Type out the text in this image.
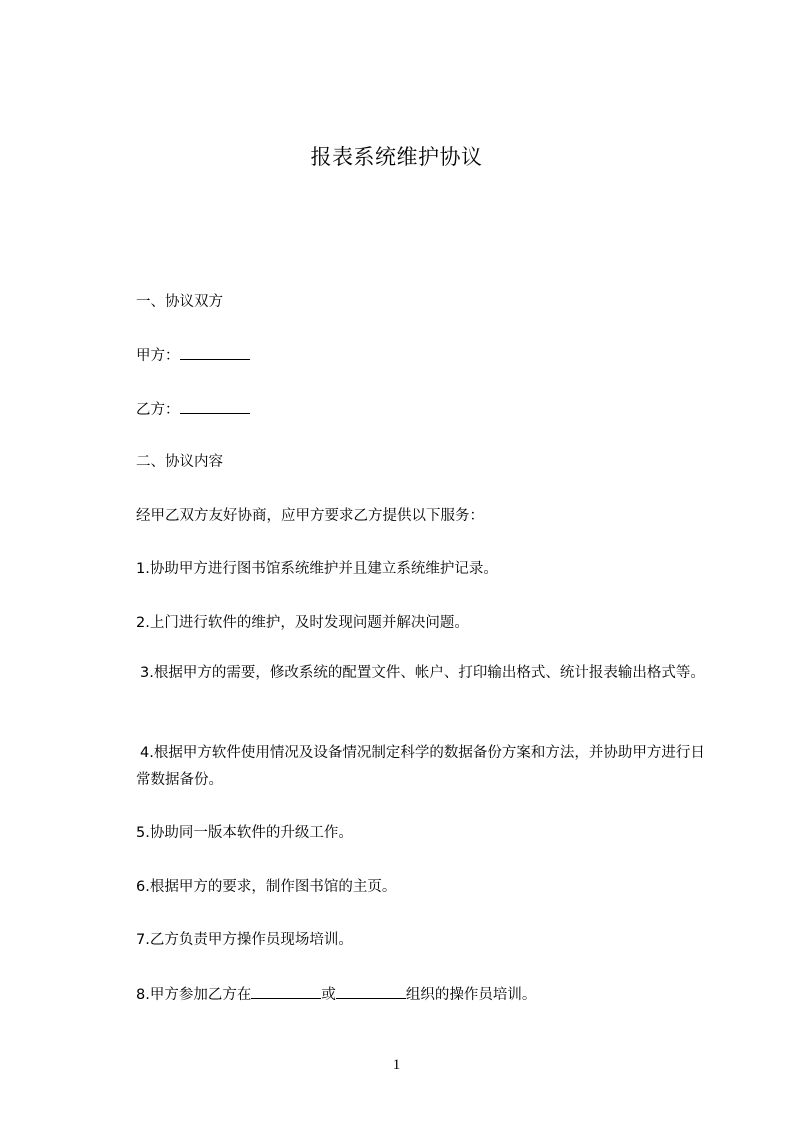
报表系统维护协议
一、协议双方
甲方：
乙方：
二、协议内容
经甲乙双方友好协商，应甲方要求乙方提供以下服务：
1.协助甲方进行图书馆系统维护并且建立系统维护记录。
2.上门进行软件的维护，及时发现问题并解决问题。
3.根据甲方的需要，修改系统的配置文件、帐户、打印输出格式、统计报表输出格式等。
4.根据甲方软件使用情况及设备情况制定科学的数据备份方案和方法，并协助甲方进行日常数据备份。
5.协助同一版本软件的升级工作。
6.根据甲方的要求，制作图书馆的主页。
7.乙方负责甲方操作员现场培训。
8.甲方参加乙方在	或	组织的操作员培训。
1
